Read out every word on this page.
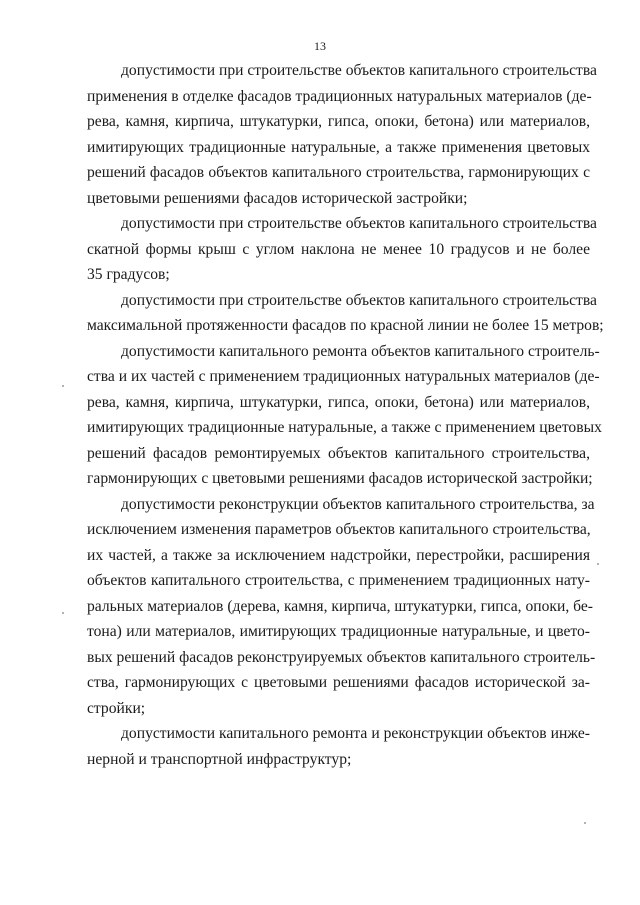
13

допустимости при строительстве объектов капитального строительства
применения в отделке фасадов традиционных натуральных материалов (де-
рева, камня, кирпича, штукатурки, гипса, опоки, бетона) или материалов,
имитирующих традиционные натуральные, а также применения цветовых
решений фасадов объектов капитального строительства, гармонирующих с
цветовыми решениями фасадов исторической застройки;

допустимости при строительстве объектов капитального строительства
скатной формы крыш с углом наклона не менее 10 градусов и не более
35 градусов;

допустимости при строительстве объектов капитального строительства
максимальной протяженности фасадов по красной линии не более 15 метров;

допустимости капитального ремонта объектов капитального строитель-
ства и их частей с применением традиционных натуральных материалов (де-
рева, камня, кирпича, штукатурки, гипса, опоки, бетона) или материалов,
имитирующих традиционные натуральные, а также с применением цветовых
решений фасадов ремонтируемых объектов капитального строительства,
гармонирующих с цветовыми решениями фасадов исторической застройки;

допустимости реконструкции объектов капитального строительства, за
исключением изменения параметров объектов капитального строительства,
их частей, а также за исключением надстройки, перестройки, расширения
объектов капитального строительства, с применением традиционных нату-
ральных материалов (дерева, камня, кирпича, штукатурки, гипса, опоки, бе-
тона) или материалов, имитирующих традиционные натуральные, и цвето-
вых решений фасадов реконструируемых объектов капитального строитель-
ства, гармонирующих с цветовыми решениями фасадов исторической за-
стройки;

допустимости капитального ремонта и реконструкции объектов инже-
нерной и транспортной инфраструктур;
